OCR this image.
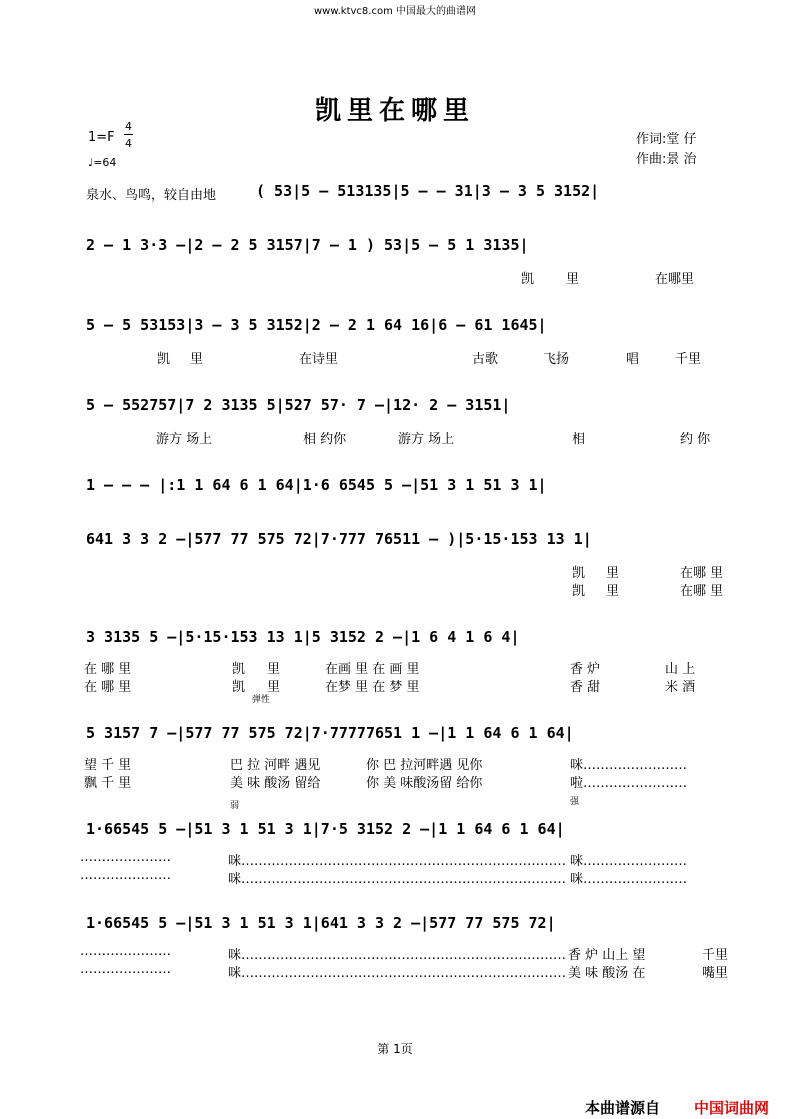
www.ktvc8.com 中国最大的曲谱网
凯里在哪里
1=F
4
4
♩=64
作词:堂 仔
作曲:景 治
泉水、鸟鸣，较自由地	( 53|5 – 513135|5 – – 31|3 – 3 5 3152|
2 – 1 3·3 –|2 – 2 5 3157|7 – 1 ) 53|5 – 5 1 3135|
凯 里	在哪里
5 – 5 53153|3 – 3 5 3152|2 – 2 1 64 16|6 – 61 1645|
凯 里	在诗里	古歌	飞扬	唱	千里
5 – 552757|7 2 3135 5|527 57· 7 –|12· 2 – 3151|
游方 场上	相 约你	游方 场上	相	约 你
1 – – – |:1 1 64 6 1 64|1·6 6545 5 –|51 3 1 51 3 1|
641 3 3 2 –|577 77 575 72|7·777 76511 – )|5·15·153 13 1|
凯 里	在哪 里
凯 里	在哪 里
3 3135 5 –|5·15·153 13 1|5 3152 2 –|1 6 4 1 6 4|
在 哪 里	凯 里	在画 里 在 画 里	香 炉	山 上
在 哪 里	凯 里	在梦 里 在 梦 里	香 甜	米 酒
弹性
5 3157 7 –|577 77 575 72|7·77777651 1 –|1 1 64 6 1 64|
望 千 里	巴 拉 河畔 遇见	你 巴 拉河畔遇 见你	咪……………………
飘 千 里	美 味 酸汤 留给	你 美 味酸汤留 给你	啦……………………
1·66545 5 –|51 3 1 51 3 1|7·5 3152 2 –|1 1 64 6 1 64|
…………………	咪………………………………………………………………… 咪……………………
…………………	咪………………………………………………………………… 咪……………………
弱	强
1·66545 5 –|51 3 1 51 3 1|641 3 3 2 –|577 77 575 72|
…………………	咪………………………………………………………………… 香 炉 山上 望	千里
…………………	咪………………………………………………………………… 美 味 酸汤 在	嘴里
第 1页
本曲谱源自 中国词曲网
